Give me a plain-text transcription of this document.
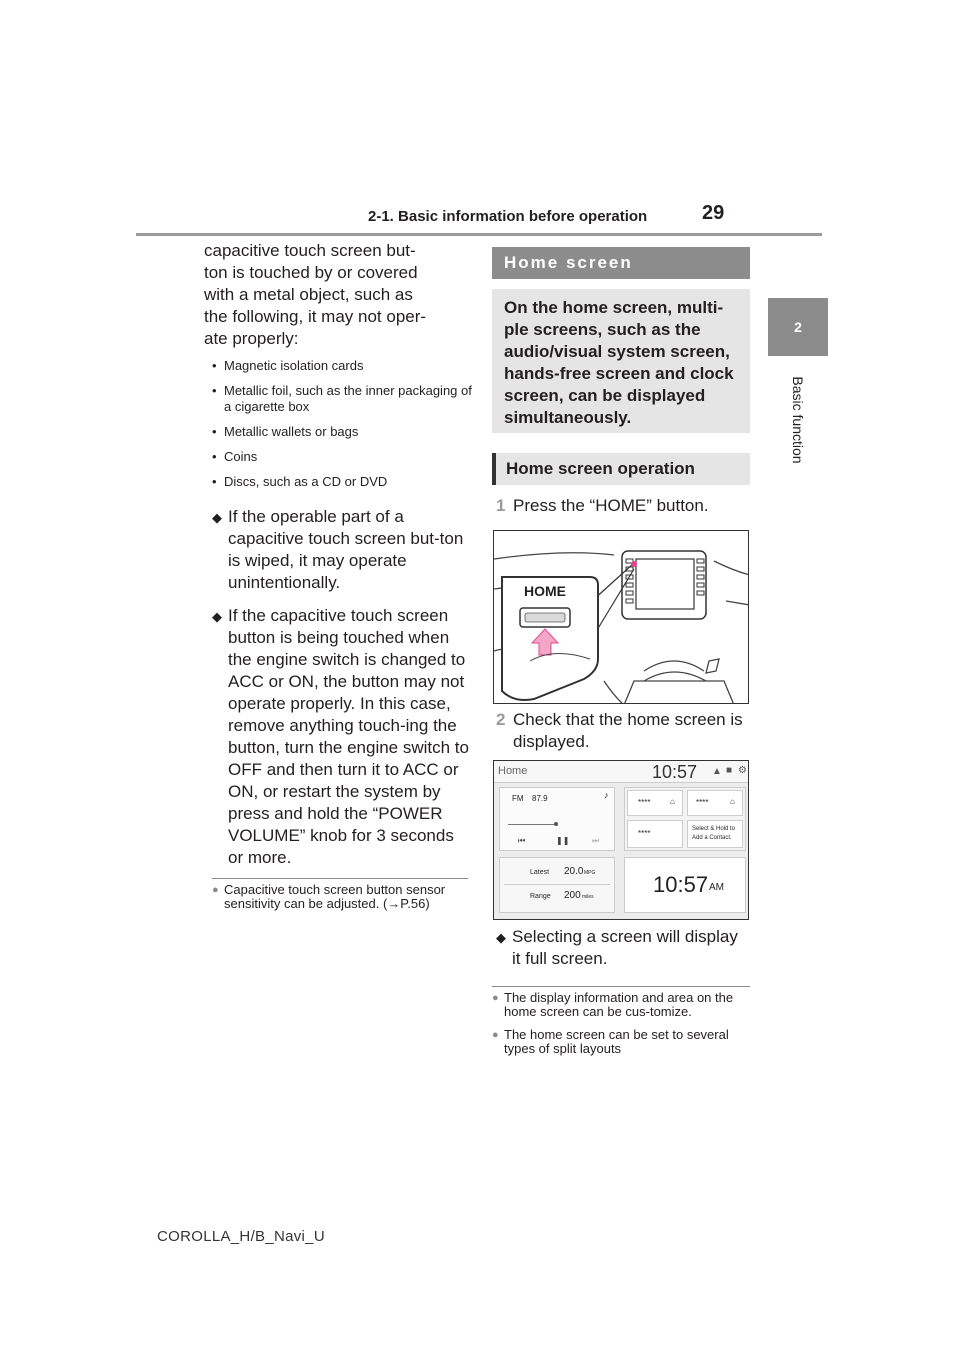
2-1. Basic information before operation	29
2
Basic function
capacitive touch screen but-
ton is touched by or covered
with a metal object, such as
the following, it may not oper-
ate properly:
• Magnetic isolation cards
• Metallic foil, such as the inner packaging of a cigarette box
• Metallic wallets or bags
• Coins
• Discs, such as a CD or DVD
◆ If the operable part of a capacitive touch screen but-ton is wiped, it may operate unintentionally.
◆ If the capacitive touch screen button is being touched when the engine switch is changed to ACC or ON, the button may not operate properly. In this case, remove anything touch-ing the button, turn the engine switch to OFF and then turn it to ACC or ON, or restart the system by press and hold the “POWER VOLUME” knob for 3 seconds or more.
● Capacitive touch screen button sensor sensitivity can be adjusted. (→P.56)
Home screen
On the home screen, multi-ple screens, such as the audio/visual system screen, hands-free screen and clock screen, can be displayed simultaneously.
Home screen operation
1 Press the “HOME” button.
HOME
2 Check that the home screen is displayed.
Home	10:57 ▲ ■ ⚙
FM 87.9	♪
⏮	❚❚	⏭
**** ⌂	****	⌂
****	Select & Hold to
Add a Contact.
Latest 20.0 MPG
Range 200 miles	10:57 AM
◆ Selecting a screen will display it full screen.
● The display information and area on the home screen can be cus-tomize.
● The home screen can be set to several types of split layouts
COROLLA_H/B_Navi_U
